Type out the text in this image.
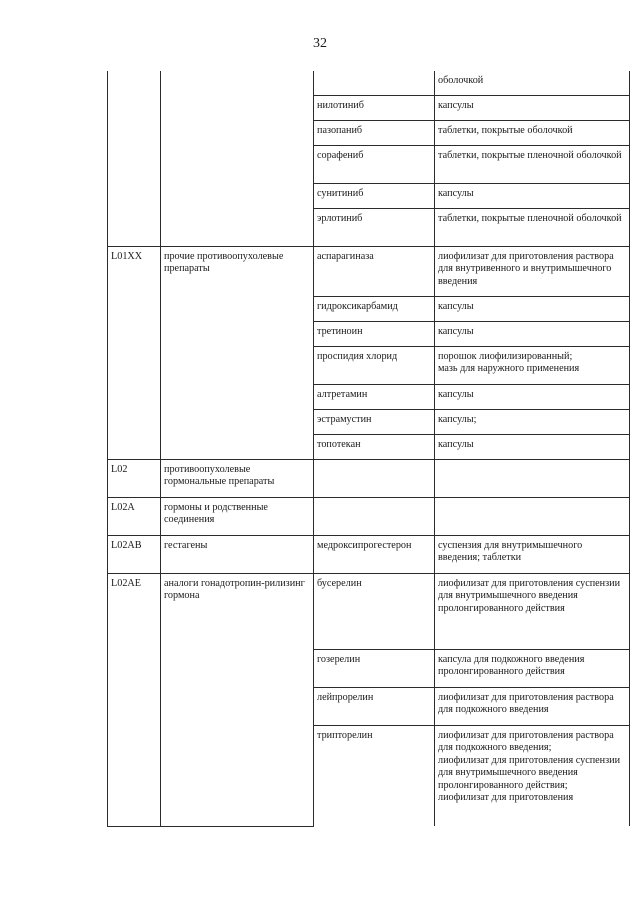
32

			оболочкой

		нилотиниб	капсулы

		пазопаниб	таблетки, покрытые оболочкой

		сорафениб	таблетки, покрытые пленочной оболочкой

		сунитиниб	капсулы

		эрлотиниб	таблетки, покрытые пленочной оболочкой

L01XX	прочие противоопухолевые препараты	аспарагиназа	лиофилизат для приготовления раствора для внутривенного и внутримышечного введения

		гидроксикарбамид	капсулы

		третиноин	капсулы

		проспидия хлорид	порошок лиофилизированный;
мазь для наружного применения

		алтретамин	капсулы

		эстрамустин	капсулы;

		топотекан	капсулы

L02	противоопухолевые гормональные препараты		
L02A	гормоны и родственные соединения		
L02AB	гестагены	медроксипрогестерон	суспензия для внутримышечного введения; таблетки

L02AE	аналоги гонадотропин-рилизинг гормона	бусерелин	лиофилизат для приготовления суспензии для внутримышечного введения пролонгированного действия

		гозерелин	капсула для подкожного введения пролонгированного действия

		лейпрорелин	лиофилизат для приготовления раствора для подкожного введения

		трипторелин	лиофилизат для приготовления раствора для подкожного введения;
лиофилизат для приготовления суспензии для внутримышечного введения пролонгированного действия;
лиофилизат для приготовления
